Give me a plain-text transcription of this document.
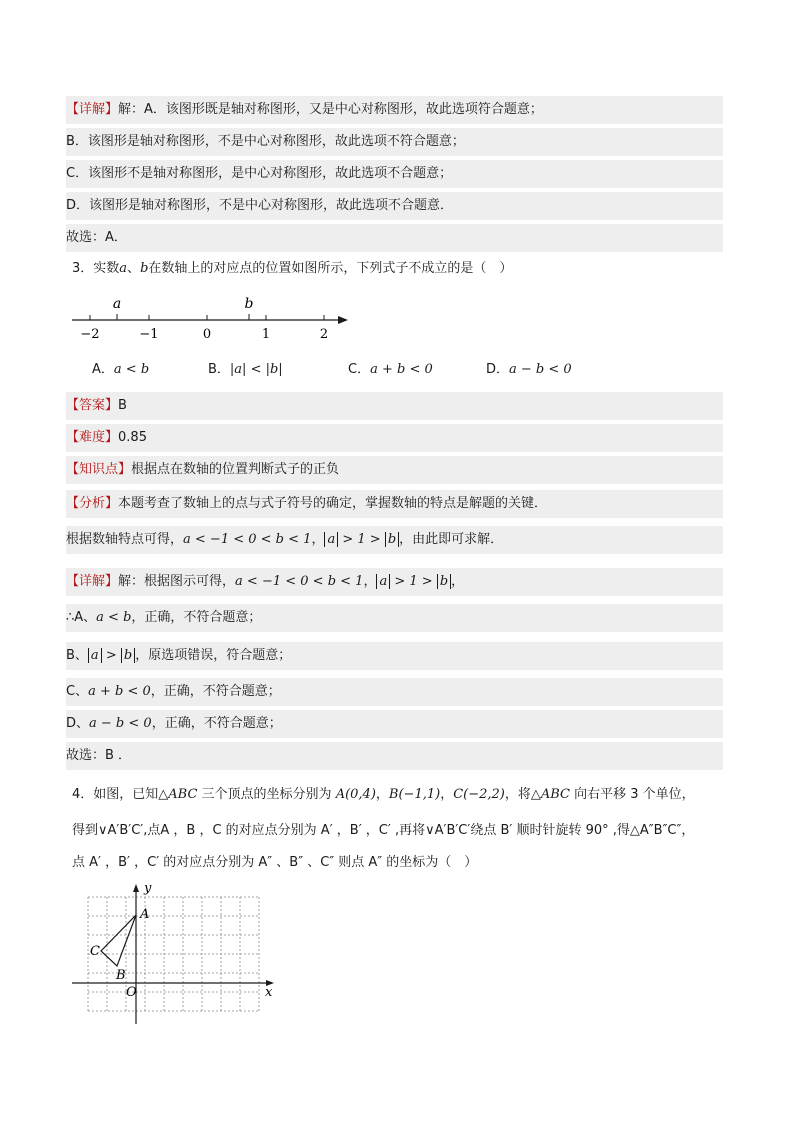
【详解】解：A．该图形既是轴对称图形，又是中心对称图形，故此选项符合题意；
B．该图形是轴对称图形，不是中心对称图形，故此选项不符合题意；
C．该图形不是轴对称图形，是中心对称图形，故此选项不合题意；
D．该图形是轴对称图形，不是中心对称图形，故此选项不合题意．
故选：A．
3．实数a、b在数轴上的对应点的位置如图所示，下列式子不成立的是（　）
a	b
−2	−1	0	1	2
A．a < b	B．|a| < |b|	C．a + b < 0	D．a − b < 0
【答案】B
【难度】0.85
【知识点】根据点在数轴的位置判断式子的正负
【分析】本题考查了数轴上的点与式子符号的确定，掌握数轴的特点是解题的关键．
根据数轴特点可得，a < −1 < 0 < b < 1， a > 1 > b ，由此即可求解．
【详解】解：根据图示可得，a < −1 < 0 < b < 1， a > 1 > b ，
∴A、a < b，正确，不符合题意；
B、 a > b ，原选项错误，符合题意；
C、a + b < 0，正确，不符合题意；
D、a − b < 0，正确，不符合题意；
故选：B ．
4．如图，已知△ABC 三个顶点的坐标分别为 A(0,4)，B(−1,1)，C(−2,2)，将△ABC 向右平移 3 个单位，
得到∨A′B′C′,点A ，B ，C 的对应点分别为 A′ ，B′ ，C′ ,再将∨A′B′C′绕点 B′ 顺时针旋转 90° ,得△A″B″C″，
点 A′ ，B′ ，C′ 的对应点分别为 A″ 、B″ 、C″ 则点 A″ 的坐标为（　）
x
y
O
A
B
C
